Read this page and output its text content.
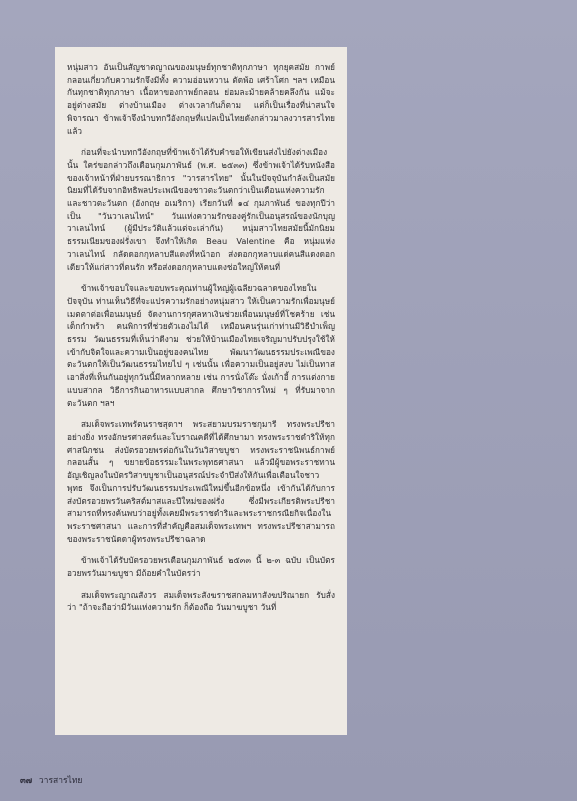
หนุ่มสาว อันเป็นสัญชาตญาณของมนุษย์ทุกชาติทุกภาษา ทุกยุคสมัย กาพย์กลอนเกี่ยวกับความรักจึงมีทั้ง ความอ่อนหวาน ตัดพ้อ เศร้าโศก ฯลฯ เหมือนกันทุกชาติทุกภาษา เนื้อหาของกาพย์กลอน ย่อมละม้ายคล้ายคลึงกัน แม้จะอยู่ต่างสมัย ต่างบ้านเมือง ต่างเวลากันก็ตาม แต่ก็เป็นเรื่องที่น่าสนใจพิจารณา ข้าพเจ้าจึงนำบทกวีอังกฤษที่แปลเป็นไทยดังกล่าวมาลงวารสารไทยแล้ว

ก่อนที่จะนำบทกวีอังกฤษที่ข้าพเจ้าได้รับคำขอให้เขียนส่งไปยังต่างเมืองนั้น ใคร่ขอกล่าวถึงเดือนกุมภาพันธ์ (พ.ศ. ๒๕๓๓) ซึ่งข้าพเจ้าได้รับหนังสือของเจ้าหน้าที่ฝ่ายบรรณาธิการ "วารสารไทย" นั้นในปัจจุบันกำลังเป็นสมัยนิยมที่ได้รับจากอิทธิพลประเพณีของชาวตะวันตกว่าเป็นเดือนแห่งความรัก และชาวตะวันตก (อังกฤษ อเมริกา) เรียกวันที่ ๑๔ กุมภาพันธ์ ของทุกปีว่าเป็น "วันวาเลนไทน์" วันแห่งความรักของคู่รักเป็นอนุสรณ์ของนักบุญวาเลนไทน์ (ผู้มีประวัติแล้วแต่จะเล่ากัน) หนุ่มสาวไทยสมัยนี้มักนิยมธรรมเนียมของฝรั่งเขา จึงทำให้เกิด Beau Valentine คือ หนุ่มแห่งวาเลนไทน์ กลัดดอกกุหลาบสีแดงที่หน้าอก ส่งดอกกุหลาบแด่คนสีแดงดอกเดียวให้แก่สาวที่ตนรัก หรือส่งดอกกุหลาบแดงช่อใหญ่ให้คนที่

ข้าพเจ้าขอบใจและขอบพระคุณท่านผู้ใหญ่ผู้เฉลียวฉลาดของไทยในปัจจุบัน ท่านเห็นวิธีที่จะแปรความรักอย่างหนุ่มสาว ให้เป็นความรักเพื่อมนุษย์ เมตตาต่อเพื่อนมนุษย์ จัดงานการกุศลหาเงินช่วยเพื่อนมนุษย์ที่โชคร้าย เช่น เด็กกำพร้า คนพิการที่ช่วยตัวเองไม่ได้ เหมือนคนรุ่นเก่าท่านมีวิธีบำเพ็ญธรรม วัฒนธรรมที่เห็นว่าดีงาม ช่วยให้บ้านเมืองไทยเจริญมาปรับปรุงใช้ให้เข้ากับจิตใจและความเป็นอยู่ของคนไทย พัฒนาวัฒนธรรมประเพณีของตะวันตกให้เป็นวัฒนธรรมไทยไป ๆ เช่นนั้น เพื่อความเป็นอยู่สงบ ไม่เป็นทาสเอาสิ่งที่เห็นกันอยู่ทุกวันนี้มีหลากหลาย เช่น การนั่งโต๊ะ นั่งเก้าอี้ การแต่งกายแบบสากล วิธีการกินอาหารแบบสากล ศึกษาวิชาการใหม่ ๆ ที่รับมาจากตะวันตก ฯลฯ

สมเด็จพระเทพรัตนราชสุดาฯ พระสยามบรมราชกุมารี ทรงพระปรีชาอย่างยิ่ง ทรงอักษรศาสตร์และโบราณคดีที่ได้ศึกษามา ทรงพระราชดำริให้ทุกศาสนิกชน ส่งบัตรอวยพรต่อกันในวันวิสาขบูชา ทรงพระราชนิพนธ์กาพย์กลอนสั้น ๆ ขยายข้อธรรมะในพระพุทธศาสนา แล้วมีผู้ขอพระราชทานอัญเชิญลงในบัตรวิสาขบูชาเป็นอนุสรณ์ประจำปีส่งให้กันเพื่อเตือนใจชาวพุทธ จึงเป็นการปรับวัฒนธรรมประเพณีใหม่ขึ้นอีกข้อหนึ่ง เข้ากันได้กับการส่งบัตรอวยพรวันคริสต์มาสและปีใหม่ของฝรั่ง ซึ่งมีพระเกียรติพระปรีชาสามารถที่ทรงค้นพบว่าอยู่ทั้งเคยมีพระราชดำริและพระราชกรณียกิจเนื่องในพระราชศาสนา และการที่สำคัญคือสมเด็จพระเทพฯ ทรงพระปรีชาสามารถของพระราชนัดดาผู้ทรงพระปรีชาฉลาด

ข้าพเจ้าได้รับบัตรอวยพรเดือนกุมภาพันธ์ ๒๕๓๓ นี้ ๒-๓ ฉบับ เป็นบัตรอวยพรวันมาฆบูชา มีถ้อยคำในบัตรว่า

สมเด็จพระญาณสังวร สมเด็จพระสังฆราชสกลมหาสังฆปริณายก รับสั่งว่า "ถ้าจะถือว่ามีวันแห่งความรัก ก็ต้องถือ วันมาฆบูชา วันที่

๓๗ วารสารไทย
